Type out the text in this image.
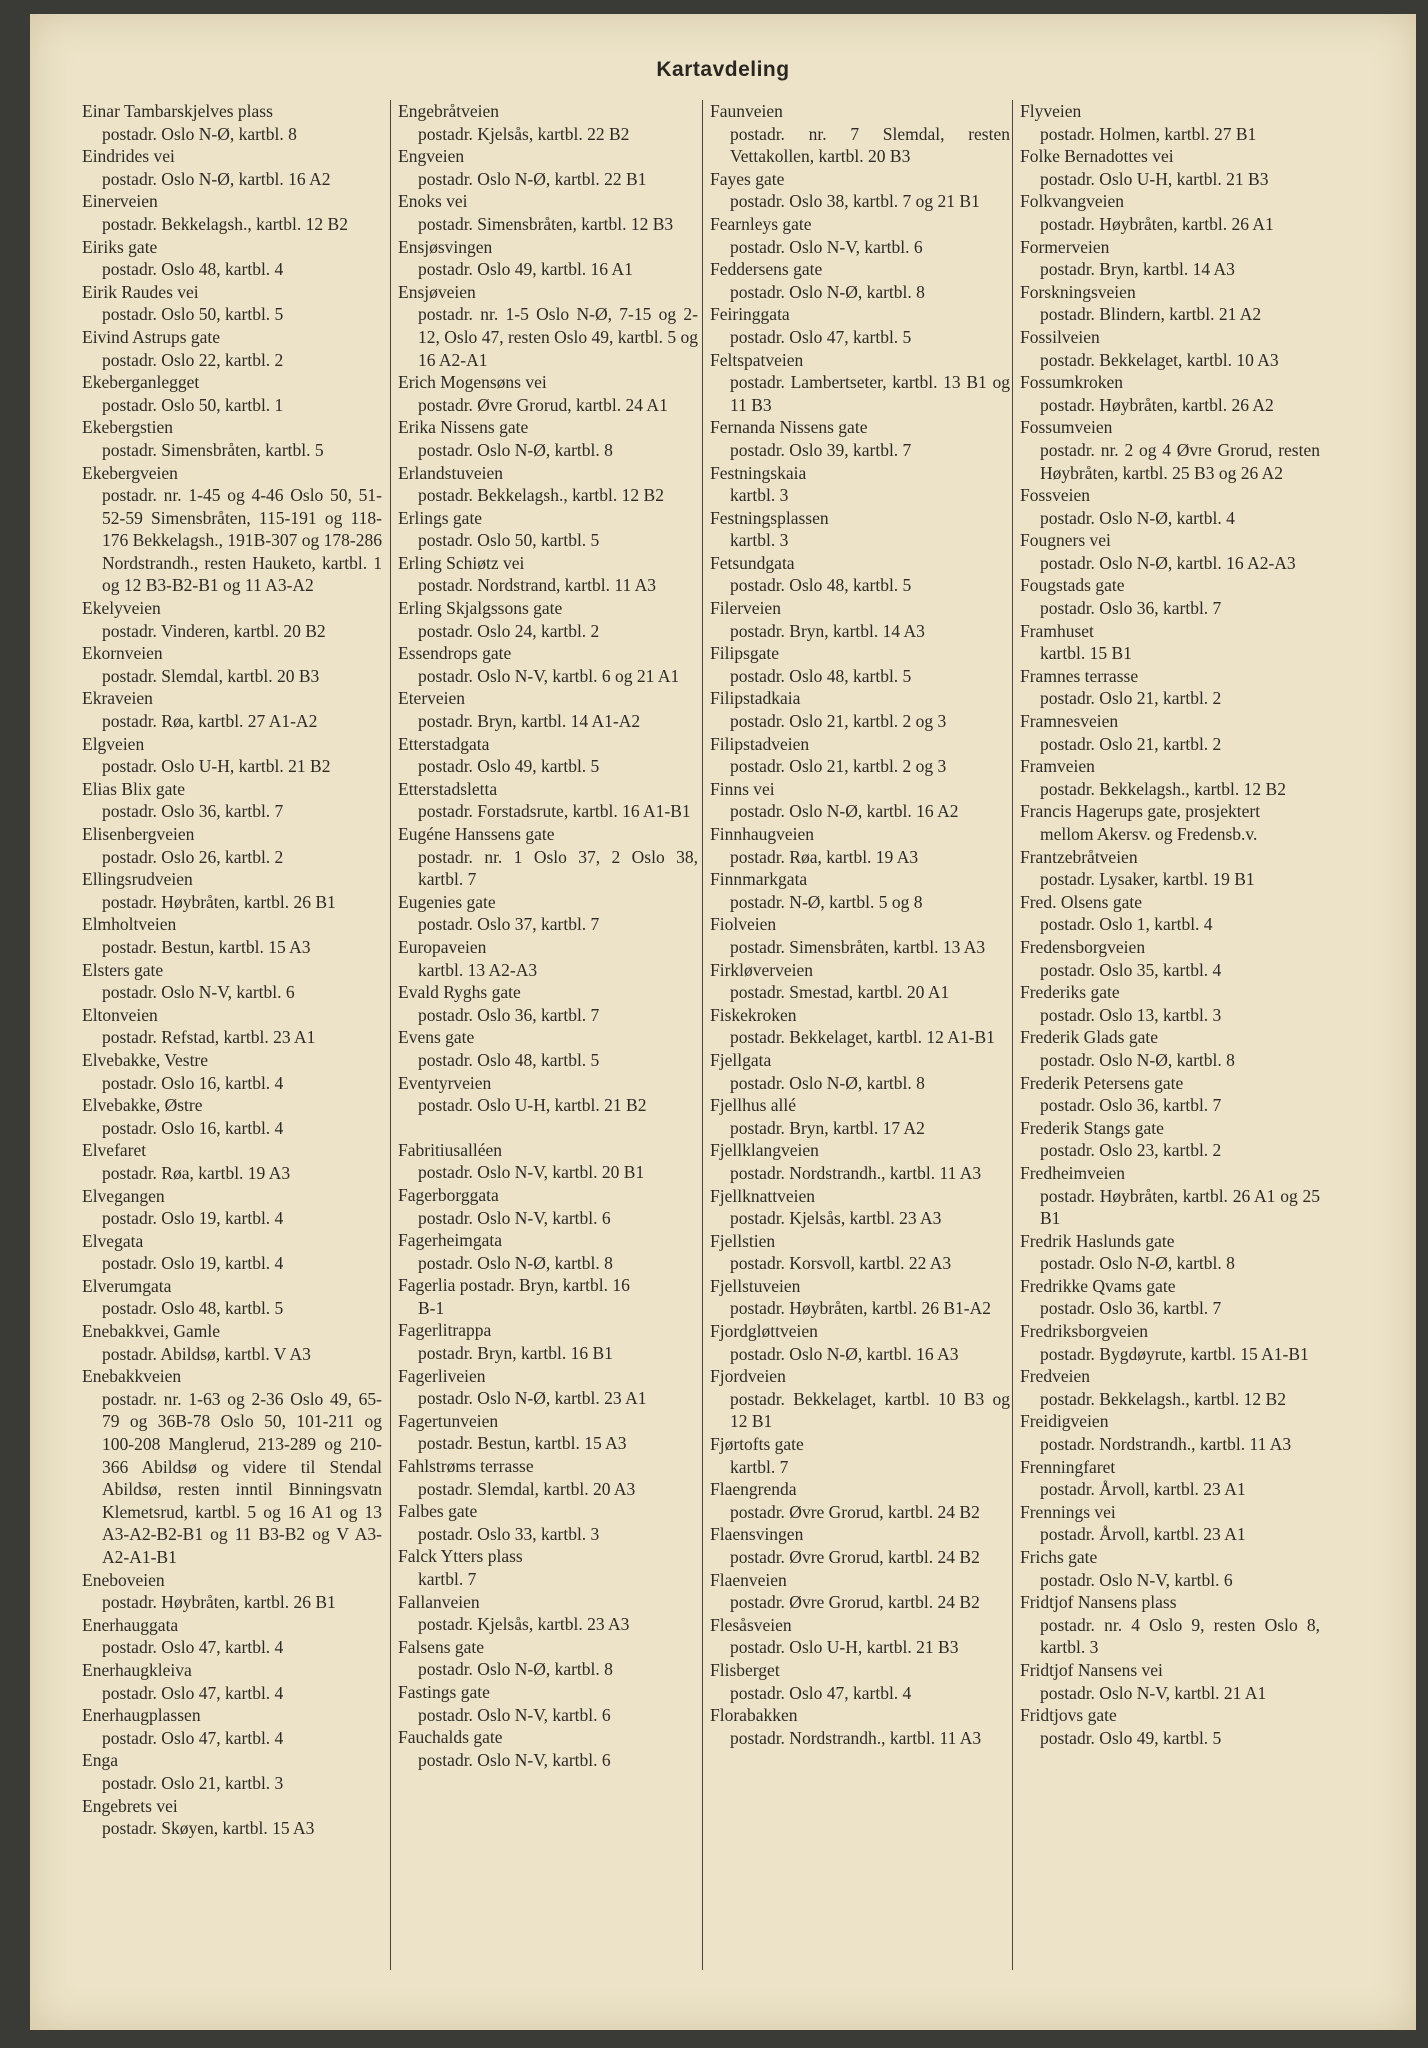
Kartavdeling
Einar Tambarskjelves plass
postadr. Oslo N-Ø, kartbl. 8
Eindrides vei
postadr. Oslo N-Ø, kartbl. 16 A2
Einerveien
postadr. Bekkelagsh., kartbl. 12 B2
Eiriks gate
postadr. Oslo 48, kartbl. 4
Eirik Raudes vei
postadr. Oslo 50, kartbl. 5
Eivind Astrups gate
postadr. Oslo 22, kartbl. 2
Ekeberganlegget
postadr. Oslo 50, kartbl. 1
Ekebergstien
postadr. Simensbråten, kartbl. 5
Ekebergveien
postadr. nr. 1-45 og 4-46 Oslo 50, 51-52-59 Simensbråten, 115-191 og 118-176 Bekkelagsh., 191B-307 og 178-286 Nordstrandh., resten Hauketo, kartbl. 1 og 12 B3-B2-B1 og 11 A3-A2
Ekelyveien
postadr. Vinderen, kartbl. 20 B2
Ekornveien
postadr. Slemdal, kartbl. 20 B3
Ekraveien
postadr. Røa, kartbl. 27 A1-A2
Elgveien
postadr. Oslo U-H, kartbl. 21 B2
Elias Blix gate
postadr. Oslo 36, kartbl. 7
Elisenbergveien
postadr. Oslo 26, kartbl. 2
Ellingsrudveien
postadr. Høybråten, kartbl. 26 B1
Elmholtveien
postadr. Bestun, kartbl. 15 A3
Elsters gate
postadr. Oslo N-V, kartbl. 6
Eltonveien
postadr. Refstad, kartbl. 23 A1
Elvebakke, Vestre
postadr. Oslo 16, kartbl. 4
Elvebakke, Østre
postadr. Oslo 16, kartbl. 4
Elvefaret
postadr. Røa, kartbl. 19 A3
Elvegangen
postadr. Oslo 19, kartbl. 4
Elvegata
postadr. Oslo 19, kartbl. 4
Elverumgata
postadr. Oslo 48, kartbl. 5
Enebakkvei, Gamle
postadr. Abildsø, kartbl. V A3
Enebakkveien
postadr. nr. 1-63 og 2-36 Oslo 49, 65-79 og 36B-78 Oslo 50, 101-211 og 100-208 Manglerud, 213-289 og 210-366 Abildsø og videre til Stendal Abildsø, resten inntil Binningsvatn Klemetsrud, kartbl. 5 og 16 A1 og 13 A3-A2-B2-B1 og 11 B3-B2 og V A3-A2-A1-B1
Eneboveien
postadr. Høybråten, kartbl. 26 B1
Enerhauggata
postadr. Oslo 47, kartbl. 4
Enerhaugkleiva
postadr. Oslo 47, kartbl. 4
Enerhaugplassen
postadr. Oslo 47, kartbl. 4
Enga
postadr. Oslo 21, kartbl. 3
Engebrets vei
postadr. Skøyen, kartbl. 15 A3
Engebråtveien
postadr. Kjelsås, kartbl. 22 B2
Engveien
postadr. Oslo N-Ø, kartbl. 22 B1
Enoks vei
postadr. Simensbråten, kartbl. 12 B3
Ensjøsvingen
postadr. Oslo 49, kartbl. 16 A1
Ensjøveien
postadr. nr. 1-5 Oslo N-Ø, 7-15 og 2-12, Oslo 47, resten Oslo 49, kartbl. 5 og 16 A2-A1
Erich Mogensøns vei
postadr. Øvre Grorud, kartbl. 24 A1
Erika Nissens gate
postadr. Oslo N-Ø, kartbl. 8
Erlandstuveien
postadr. Bekkelagsh., kartbl. 12 B2
Erlings gate
postadr. Oslo 50, kartbl. 5
Erling Schiøtz vei
postadr. Nordstrand, kartbl. 11 A3
Erling Skjalgssons gate
postadr. Oslo 24, kartbl. 2
Essendrops gate
postadr. Oslo N-V, kartbl. 6 og 21 A1
Eterveien
postadr. Bryn, kartbl. 14 A1-A2
Etterstadgata
postadr. Oslo 49, kartbl. 5
Etterstadsletta
postadr. Forstadsrute, kartbl. 16 A1-B1
Eugéne Hanssens gate
postadr. nr. 1 Oslo 37, 2 Oslo 38, kartbl. 7
Eugenies gate
postadr. Oslo 37, kartbl. 7
Europaveien
kartbl. 13 A2-A3
Evald Ryghs gate
postadr. Oslo 36, kartbl. 7
Evens gate
postadr. Oslo 48, kartbl. 5
Eventyrveien
postadr. Oslo U-H, kartbl. 21 B2
Fabritiusalléen
postadr. Oslo N-V, kartbl. 20 B1
Fagerborggata
postadr. Oslo N-V, kartbl. 6
Fagerheimgata
postadr. Oslo N-Ø, kartbl. 8
Fagerlia postadr. Bryn, kartbl. 16
B-1
Fagerlitrappa
postadr. Bryn, kartbl. 16 B1
Fagerliveien
postadr. Oslo N-Ø, kartbl. 23 A1
Fagertunveien
postadr. Bestun, kartbl. 15 A3
Fahlstrøms terrasse
postadr. Slemdal, kartbl. 20 A3
Falbes gate
postadr. Oslo 33, kartbl. 3
Falck Ytters plass
kartbl. 7
Fallanveien
postadr. Kjelsås, kartbl. 23 A3
Falsens gate
postadr. Oslo N-Ø, kartbl. 8
Fastings gate
postadr. Oslo N-V, kartbl. 6
Fauchalds gate
postadr. Oslo N-V, kartbl. 6
Faunveien
postadr. nr. 7 Slemdal, resten Vettakollen, kartbl. 20 B3
Fayes gate
postadr. Oslo 38, kartbl. 7 og 21 B1
Fearnleys gate
postadr. Oslo N-V, kartbl. 6
Feddersens gate
postadr. Oslo N-Ø, kartbl. 8
Feiringgata
postadr. Oslo 47, kartbl. 5
Feltspatveien
postadr. Lambertseter, kartbl. 13 B1 og 11 B3
Fernanda Nissens gate
postadr. Oslo 39, kartbl. 7
Festningskaia
kartbl. 3
Festningsplassen
kartbl. 3
Fetsundgata
postadr. Oslo 48, kartbl. 5
Filerveien
postadr. Bryn, kartbl. 14 A3
Filipsgate
postadr. Oslo 48, kartbl. 5
Filipstadkaia
postadr. Oslo 21, kartbl. 2 og 3
Filipstadveien
postadr. Oslo 21, kartbl. 2 og 3
Finns vei
postadr. Oslo N-Ø, kartbl. 16 A2
Finnhaugveien
postadr. Røa, kartbl. 19 A3
Finnmarkgata
postadr. N-Ø, kartbl. 5 og 8
Fiolveien
postadr. Simensbråten, kartbl. 13 A3
Firkløverveien
postadr. Smestad, kartbl. 20 A1
Fiskekroken
postadr. Bekkelaget, kartbl. 12 A1-B1
Fjellgata
postadr. Oslo N-Ø, kartbl. 8
Fjellhus allé
postadr. Bryn, kartbl. 17 A2
Fjellklangveien
postadr. Nordstrandh., kartbl. 11 A3
Fjellknattveien
postadr. Kjelsås, kartbl. 23 A3
Fjellstien
postadr. Korsvoll, kartbl. 22 A3
Fjellstuveien
postadr. Høybråten, kartbl. 26 B1-A2
Fjordgløttveien
postadr. Oslo N-Ø, kartbl. 16 A3
Fjordveien
postadr. Bekkelaget, kartbl. 10 B3 og 12 B1
Fjørtofts gate
kartbl. 7
Flaengrenda
postadr. Øvre Grorud, kartbl. 24 B2
Flaensvingen
postadr. Øvre Grorud, kartbl. 24 B2
Flaenveien
postadr. Øvre Grorud, kartbl. 24 B2
Flesåsveien
postadr. Oslo U-H, kartbl. 21 B3
Flisberget
postadr. Oslo 47, kartbl. 4
Florabakken
postadr. Nordstrandh., kartbl. 11 A3
Flyveien
postadr. Holmen, kartbl. 27 B1
Folke Bernadottes vei
postadr. Oslo U-H, kartbl. 21 B3
Folkvangveien
postadr. Høybråten, kartbl. 26 A1
Formerveien
postadr. Bryn, kartbl. 14 A3
Forskningsveien
postadr. Blindern, kartbl. 21 A2
Fossilveien
postadr. Bekkelaget, kartbl. 10 A3
Fossumkroken
postadr. Høybråten, kartbl. 26 A2
Fossumveien
postadr. nr. 2 og 4 Øvre Grorud, resten Høybråten, kartbl. 25 B3 og 26 A2
Fossveien
postadr. Oslo N-Ø, kartbl. 4
Fougners vei
postadr. Oslo N-Ø, kartbl. 16 A2-A3
Fougstads gate
postadr. Oslo 36, kartbl. 7
Framhuset
kartbl. 15 B1
Framnes terrasse
postadr. Oslo 21, kartbl. 2
Framnesveien
postadr. Oslo 21, kartbl. 2
Framveien
postadr. Bekkelagsh., kartbl. 12 B2
Francis Hagerups gate, prosjektert
mellom Akersv. og Fredensb.v.
Frantzebråtveien
postadr. Lysaker, kartbl. 19 B1
Fred. Olsens gate
postadr. Oslo 1, kartbl. 4
Fredensborgveien
postadr. Oslo 35, kartbl. 4
Frederiks gate
postadr. Oslo 13, kartbl. 3
Frederik Glads gate
postadr. Oslo N-Ø, kartbl. 8
Frederik Petersens gate
postadr. Oslo 36, kartbl. 7
Frederik Stangs gate
postadr. Oslo 23, kartbl. 2
Fredheimveien
postadr. Høybråten, kartbl. 26 A1 og 25 B1
Fredrik Haslunds gate
postadr. Oslo N-Ø, kartbl. 8
Fredrikke Qvams gate
postadr. Oslo 36, kartbl. 7
Fredriksborgveien
postadr. Bygdøyrute, kartbl. 15 A1-B1
Fredveien
postadr. Bekkelagsh., kartbl. 12 B2
Freidigveien
postadr. Nordstrandh., kartbl. 11 A3
Frenningfaret
postadr. Årvoll, kartbl. 23 A1
Frennings vei
postadr. Årvoll, kartbl. 23 A1
Frichs gate
postadr. Oslo N-V, kartbl. 6
Fridtjof Nansens plass
postadr. nr. 4 Oslo 9, resten Oslo 8, kartbl. 3
Fridtjof Nansens vei
postadr. Oslo N-V, kartbl. 21 A1
Fridtjovs gate
postadr. Oslo 49, kartbl. 5
